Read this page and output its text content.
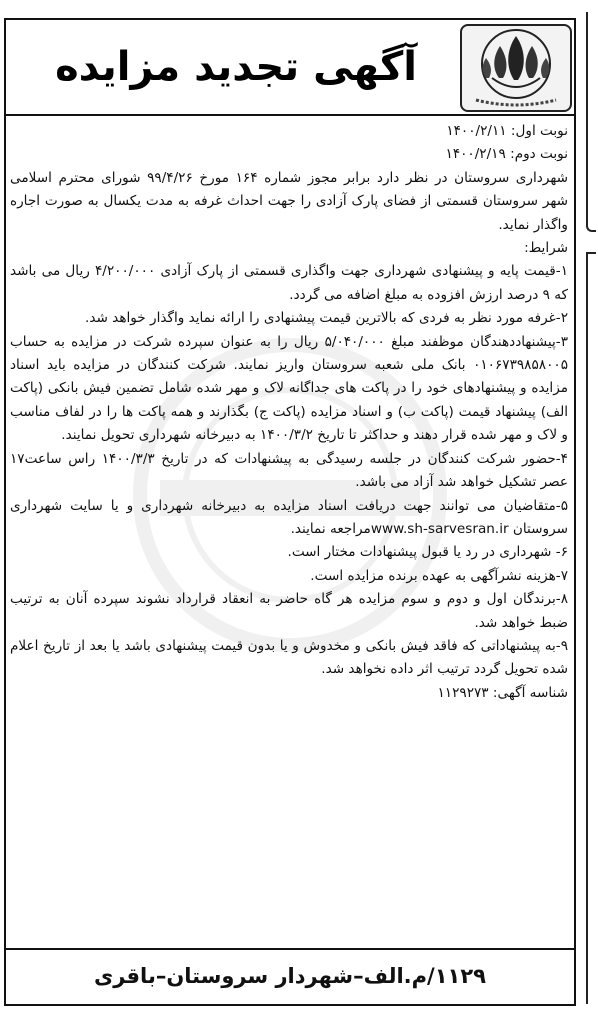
آگهی تجدید مزایده

نوبت اول: ۱۴۰۰/۲/۱۱

نوبت دوم: ۱۴۰۰/۲/۱۹

شهرداری سروستان در نظر دارد برابر مجوز شماره ۱۶۴ مورخ ۹۹/۴/۲۶ شورای محترم اسلامی شهر سروستان قسمتی از فضای پارک آزادی را جهت احداث غرفه به مدت یکسال به صورت اجاره واگذار نماید.

شرایط:

۱-قیمت پایه و پیشنهادی شهرداری جهت واگذاری قسمتی از پارک آزادی ۴/۲۰۰/۰۰۰ ریال می باشد که ۹ درصد ارزش افزوده به مبلغ اضافه می گردد.

۲-غرفه مورد نظر به فردی که بالاترین قیمت پیشنهادی را ارائه نماید واگذار خواهد شد.

۳-پیشنهاددهندگان موظفند مبلغ ۵/۰۴۰/۰۰۰ ریال را به عنوان سپرده شرکت در مزایده به حساب ۰۱۰۶۷۳۹۸۵۸۰۰۵ بانک ملی شعبه سروستان واریز نمایند. شرکت کنندگان در مزایده باید اسناد مزایده و پیشنهادهای خود را در پاکت های جداگانه لاک و مهر شده شامل تضمین فیش بانکی (پاکت الف) پیشنهاد قیمت (پاکت ب) و اسناد مزایده (پاکت ج) بگذارند و همه پاکت ها را در لفاف مناسب و لاک و مهر شده قرار دهند و حداکثر تا تاریخ ۱۴۰۰/۳/۲ به دبیرخانه شهرداری تحویل نمایند.

۴-حضور شرکت کنندگان در جلسه رسیدگی به پیشنهادات که در تاریخ ۱۴۰۰/۳/۳ راس ساعت۱۷ عصر تشکیل خواهد شد آزاد می باشد.

۵-متقاضیان می توانند جهت دریافت اسناد مزایده به دبیرخانه شهرداری و یا سایت شهرداری سروستان www.sh-sarvesran.irمراجعه نمایند.

۶- شهرداری در رد یا قبول پیشنهادات مختار است.

۷-هزینه نشرآگهی به عهده برنده مزایده است.

۸-برندگان اول و دوم و سوم مزایده هر گاه حاضر به انعقاد قرارداد نشوند سپرده آنان به ترتیب ضبط خواهد شد.

۹-به پیشنهاداتی که فاقد فیش بانکی و مخدوش و یا بدون قیمت پیشنهادی باشد یا بعد از تاریخ اعلام شده تحویل گردد ترتیب اثر داده نخواهد شد.

شناسه آگهی: ۱۱۲۹۲۷۳

۱۱۲۹/م.الف–شهردار سروستان–باقری
